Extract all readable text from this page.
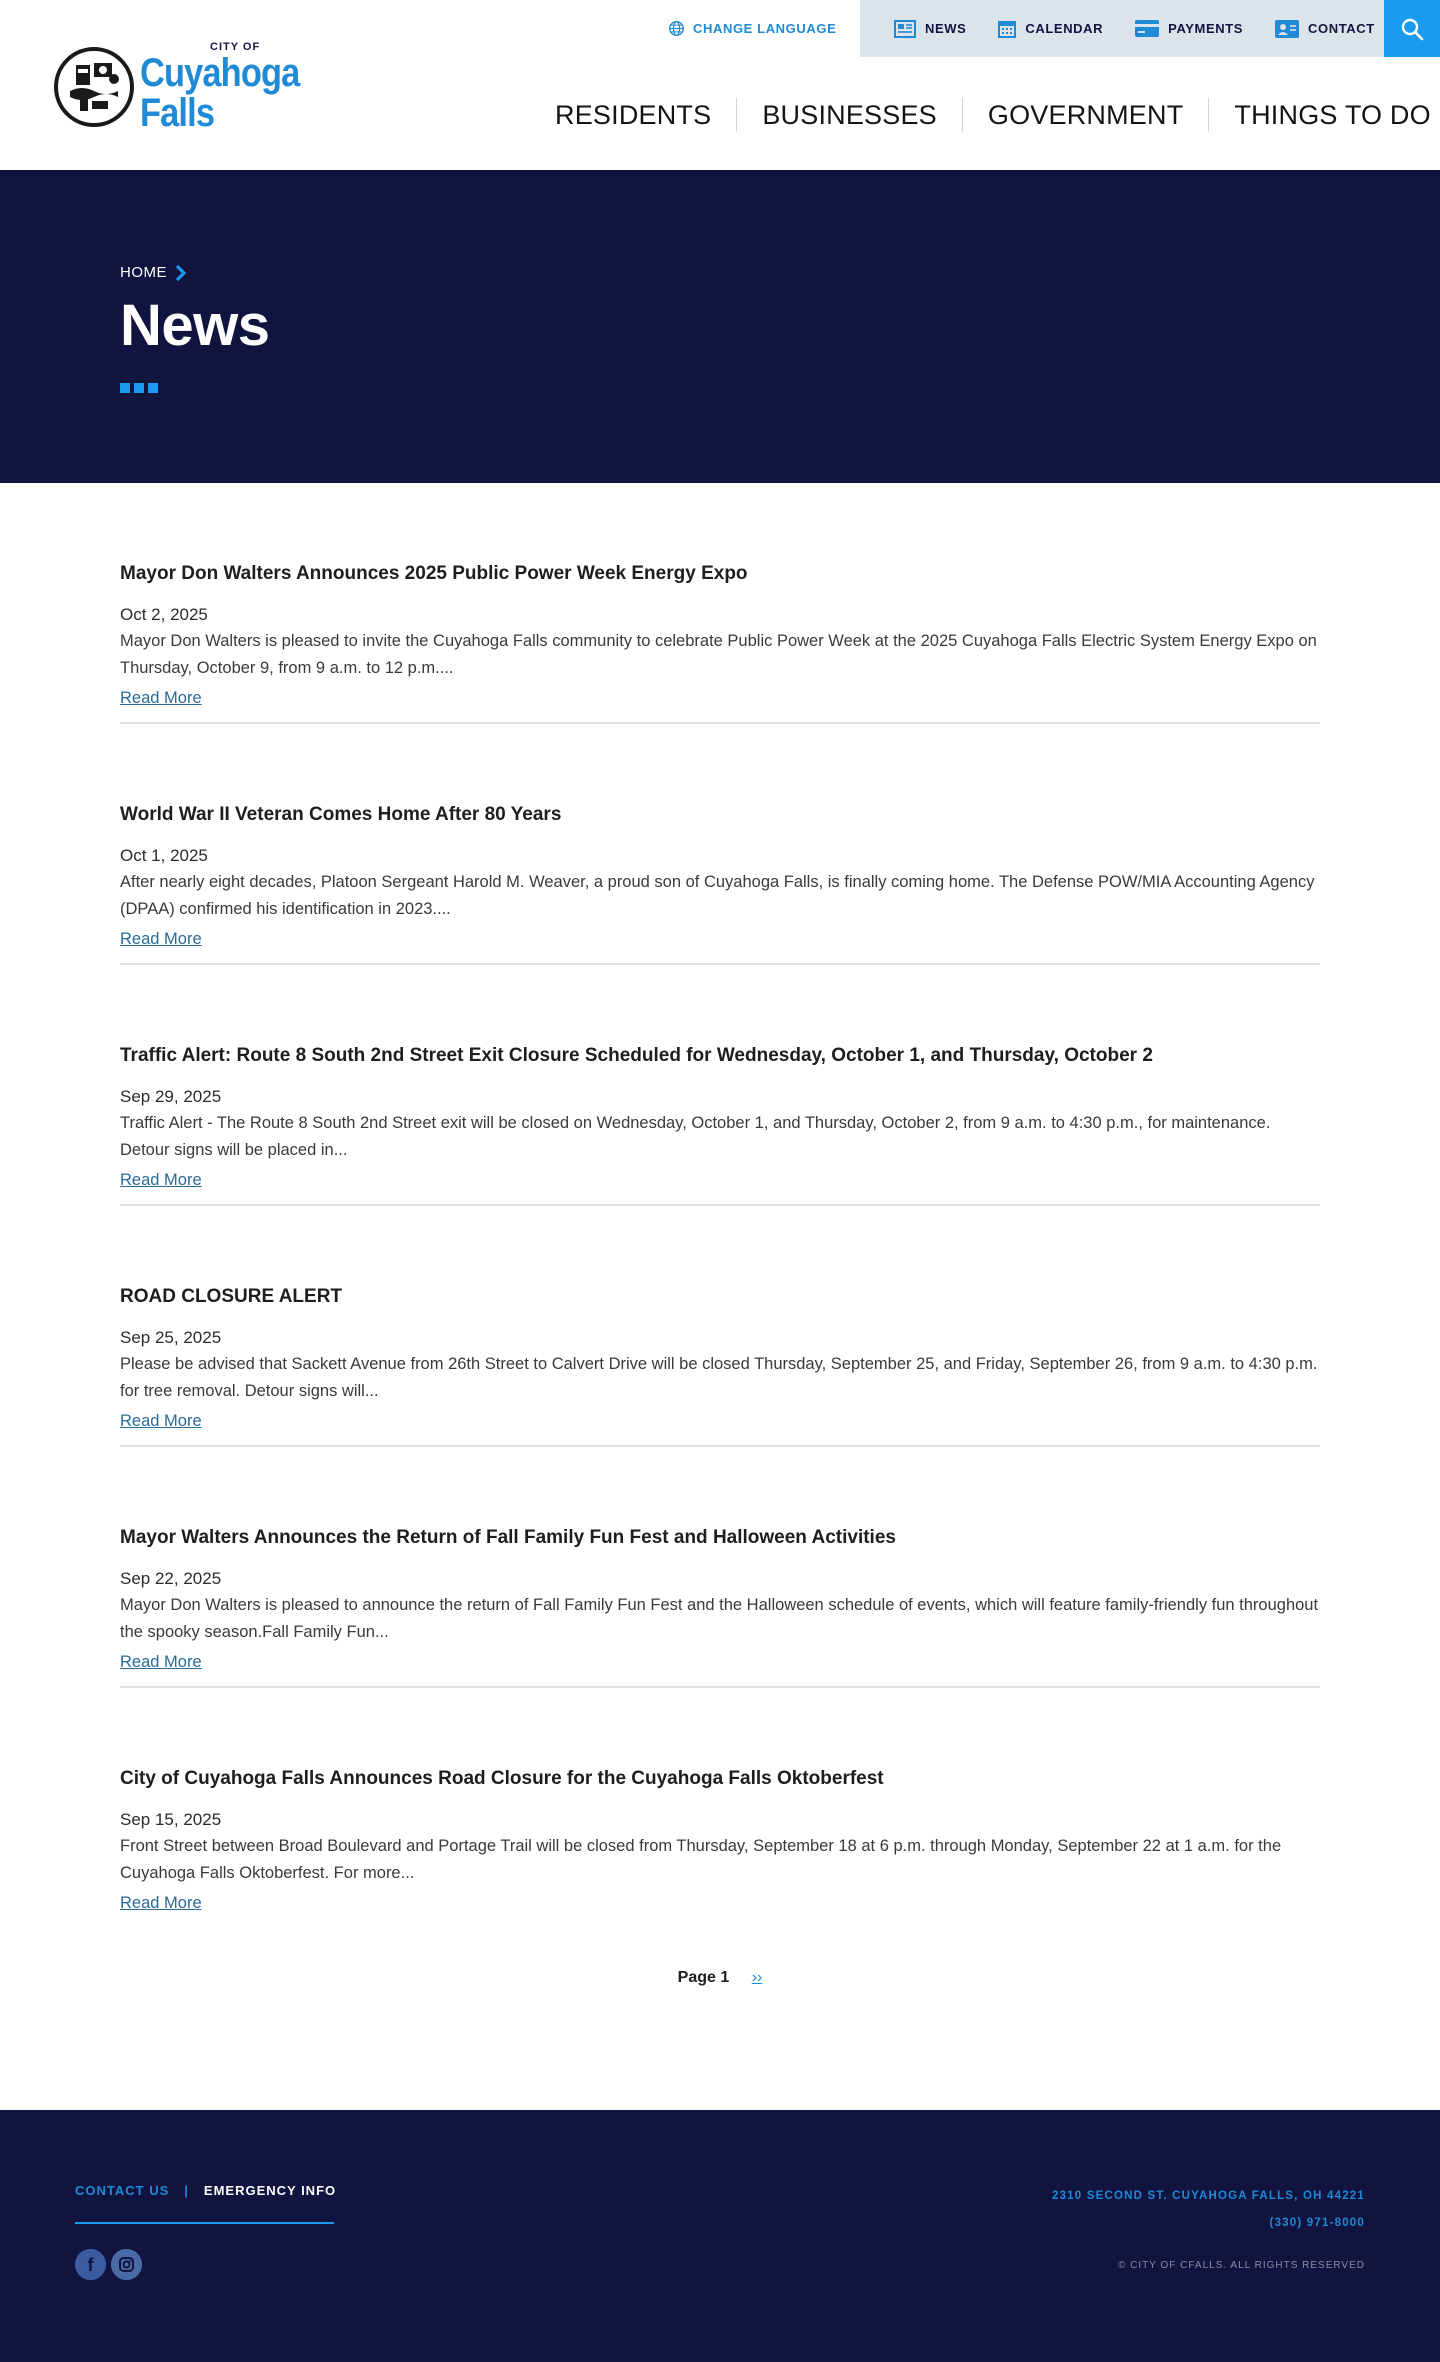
CHANGE LANGUAGE	NEWS	CALENDAR	PAYMENTS	CONTACT
CITY OF
Cuyahoga Falls	RESIDENTS	BUSINESSES	GOVERNMENT	THINGS TO DO
HOME
News
Mayor Don Walters Announces 2025 Public Power Week Energy Expo
Oct 2, 2025

Mayor Don Walters is pleased to invite the Cuyahoga Falls community to celebrate Public Power Week at the 2025 Cuyahoga Falls Electric System Energy Expo on Thursday, October 9, from 9 a.m. to 12 p.m....

Read More
World War II Veteran Comes Home After 80 Years
Oct 1, 2025

After nearly eight decades, Platoon Sergeant Harold M. Weaver, a proud son of Cuyahoga Falls, is finally coming home. The Defense POW/MIA Accounting Agency (DPAA) confirmed his identification in 2023....

Read More
Traffic Alert: Route 8 South 2nd Street Exit Closure Scheduled for Wednesday, October 1, and Thursday, October 2
Sep 29, 2025

Traffic Alert - The Route 8 South 2nd Street exit will be closed on Wednesday, October 1, and Thursday, October 2, from 9 a.m. to 4:30 p.m., for maintenance. Detour signs will be placed in...

Read More
ROAD CLOSURE ALERT
Sep 25, 2025

Please be advised that Sackett Avenue from 26th Street to Calvert Drive will be closed Thursday, September 25, and Friday, September 26, from 9 a.m. to 4:30 p.m. for tree removal. Detour signs will...

Read More
Mayor Walters Announces the Return of Fall Family Fun Fest and Halloween Activities
Sep 22, 2025

Mayor Don Walters is pleased to announce the return of Fall Family Fun Fest and the Halloween schedule of events, which will feature family-friendly fun throughout the spooky season.Fall Family Fun...

Read More
City of Cuyahoga Falls Announces Road Closure for the Cuyahoga Falls Oktoberfest
Sep 15, 2025

Front Street between Broad Boulevard and Portage Trail will be closed from Thursday, September 18 at 6 p.m. through Monday, September 22 at 1 a.m. for the Cuyahoga Falls Oktoberfest. For more...

Read More
Page 1 ››
CONTACT US | EMERGENCY INFO
f
2310 SECOND ST. CUYAHOGA FALLS, OH 44221
(330) 971-8000
© CITY OF CFALLS. ALL RIGHTS RESERVED
